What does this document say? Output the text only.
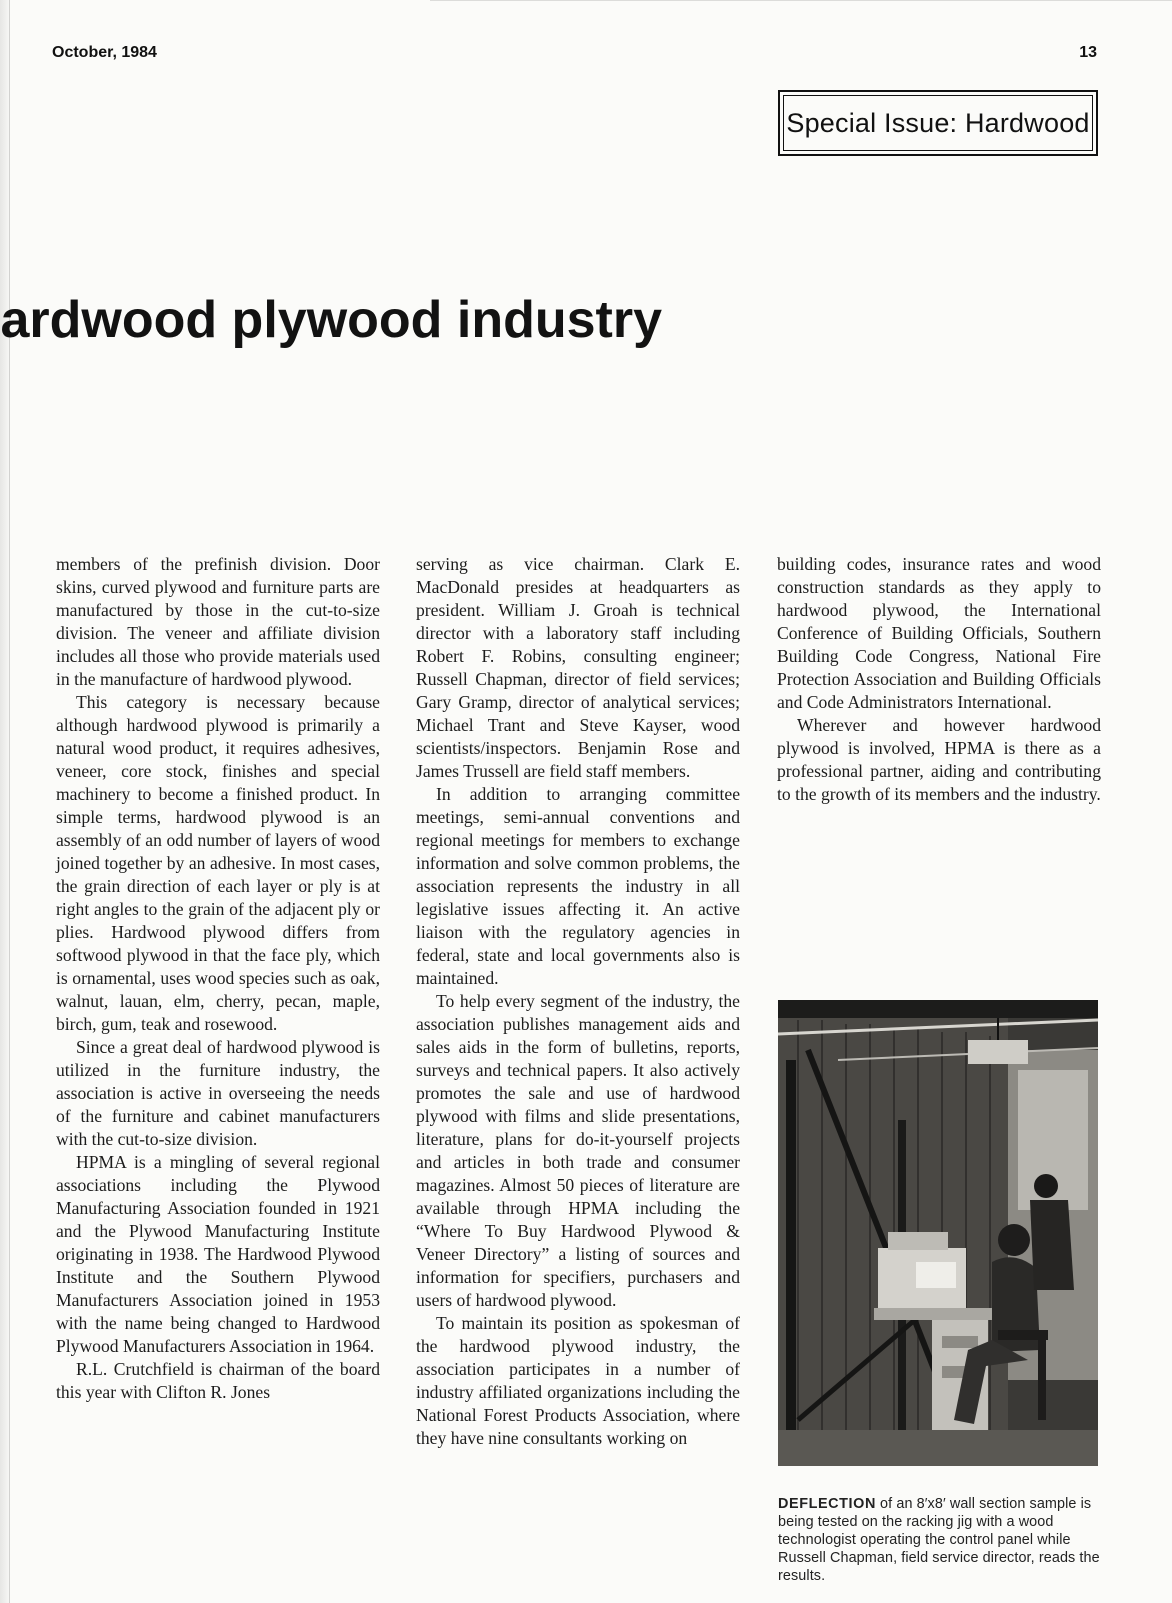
October, 1984	13
Special Issue: Hardwood
ardwood plywood industry

members of the prefinish division. Door skins, curved plywood and furniture parts are manufactured by those in the cut-to-size division. The veneer and affiliate division includes all those who provide materials used in the manufacture of hardwood plywood.

This category is necessary because although hardwood plywood is primarily a natural wood product, it requires adhesives, veneer, core stock, finishes and special machinery to become a finished product. In simple terms, hardwood plywood is an assembly of an odd number of layers of wood joined together by an adhesive. In most cases, the grain direction of each layer or ply is at right angles to the grain of the adjacent ply or plies. Hardwood plywood differs from softwood plywood in that the face ply, which is ornamental, uses wood species such as oak, walnut, lauan, elm, cherry, pecan, maple, birch, gum, teak and rosewood.

Since a great deal of hardwood plywood is utilized in the furniture industry, the association is active in overseeing the needs of the furniture and cabinet manufacturers with the cut-to-size division.

HPMA is a mingling of several regional associations including the Plywood Manufacturing Association founded in 1921 and the Plywood Manufacturing Institute originating in 1938. The Hardwood Plywood Institute and the Southern Plywood Manufacturers Association joined in 1953 with the name being changed to Hardwood Plywood Manufacturers Association in 1964.

R.L. Crutchfield is chairman of the board this year with Clifton R. Jones

serving as vice chairman. Clark E. MacDonald presides at headquarters as president. William J. Groah is technical director with a laboratory staff including Robert F. Robins, consulting engineer; Russell Chapman, director of field services; Gary Gramp, director of analytical services; Michael Trant and Steve Kayser, wood scientists/inspectors. Benjamin Rose and James Trussell are field staff members.

In addition to arranging committee meetings, semi-annual conventions and regional meetings for members to exchange information and solve common problems, the association represents the industry in all legislative issues affecting it. An active liaison with the regulatory agencies in federal, state and local governments also is maintained.

To help every segment of the industry, the association publishes management aids and sales aids in the form of bulletins, reports, surveys and technical papers. It also actively promotes the sale and use of hardwood plywood with films and slide presentations, literature, plans for do-it-yourself projects and articles in both trade and consumer magazines. Almost 50 pieces of literature are available through HPMA including the “Where To Buy Hardwood Plywood & Veneer Directory” a listing of sources and information for specifiers, purchasers and users of hardwood plywood.

To maintain its position as spokesman of the hardwood plywood industry, the association participates in a number of industry affiliated organizations including the National Forest Products Association, where they have nine consultants working on

building codes, insurance rates and wood construction standards as they apply to hardwood plywood, the International Conference of Building Officials, Southern Building Code Congress, National Fire Protection Association and Building Officials and Code Administrators International.

Wherever and however hardwood plywood is involved, HPMA is there as a professional partner, aiding and contributing to the growth of its members and the industry.

DEFLECTION of an 8′x8′ wall section sample is being tested on the racking jig with a wood technologist operating the control panel while Russell Chapman, field service director, reads the results.
